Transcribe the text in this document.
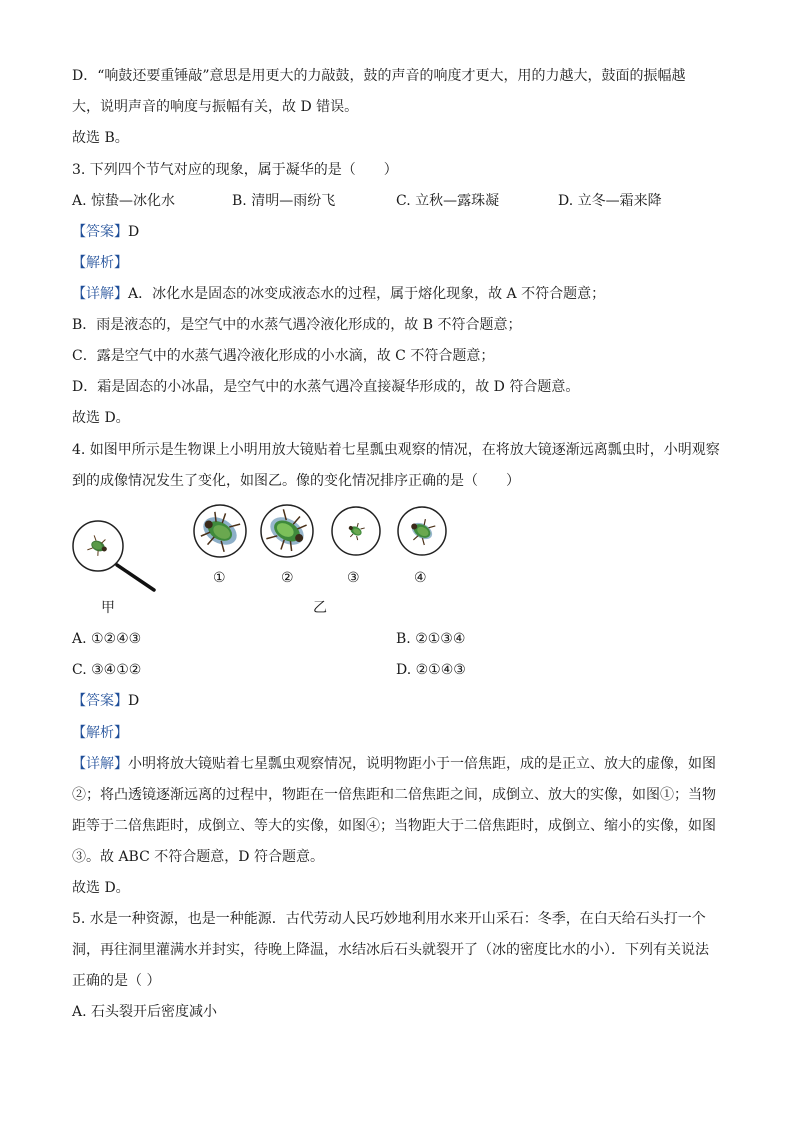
D．“响鼓还要重锤敲”意思是用更大的力敲鼓，鼓的声音的响度才更大，用的力越大，鼓面的振幅越
大，说明声音的响度与振幅有关，故 D 错误。
故选 B。
3. 下列四个节气对应的现象，属于凝华的是（　　）
A. 惊蛰—冰化水	B. 清明—雨纷飞	C. 立秋—露珠凝	D. 立冬—霜来降
【答案】D
【解析】
【详解】A．冰化水是固态的冰变成液态水的过程，属于熔化现象，故 A 不符合题意；
B．雨是液态的，是空气中的水蒸气遇冷液化形成的，故 B 不符合题意；
C．露是空气中的水蒸气遇冷液化形成的小水滴，故 C 不符合题意；
D．霜是固态的小冰晶，是空气中的水蒸气遇冷直接凝华形成的，故 D 符合题意。
故选 D。
4. 如图甲所示是生物课上小明用放大镜贴着七星瓢虫观察的情况，在将放大镜逐渐远离瓢虫时，小明观察
到的成像情况发生了变化，如图乙。像的变化情况排序正确的是（　　）
甲
①	②	③	④
乙
A. ①②④③	B. ②①③④
C. ③④①②	D. ②①④③
【答案】D
【解析】
【详解】小明将放大镜贴着七星瓢虫观察情况，说明物距小于一倍焦距，成的是正立、放大的虚像，如图
②；将凸透镜逐渐远离的过程中，物距在一倍焦距和二倍焦距之间，成倒立、放大的实像，如图①；当物
距等于二倍焦距时，成倒立、等大的实像，如图④；当物距大于二倍焦距时，成倒立、缩小的实像，如图
③。故 ABC 不符合题意，D 符合题意。
故选 D。
5. 水是一种资源，也是一种能源．古代劳动人民巧妙地利用水来开山采石：冬季，在白天给石头打一个
洞，再往洞里灌满水并封实，待晚上降温，水结冰后石头就裂开了（冰的密度比水的小）．下列有关说法
正确的是（ ）
A. 石头裂开后密度减小
